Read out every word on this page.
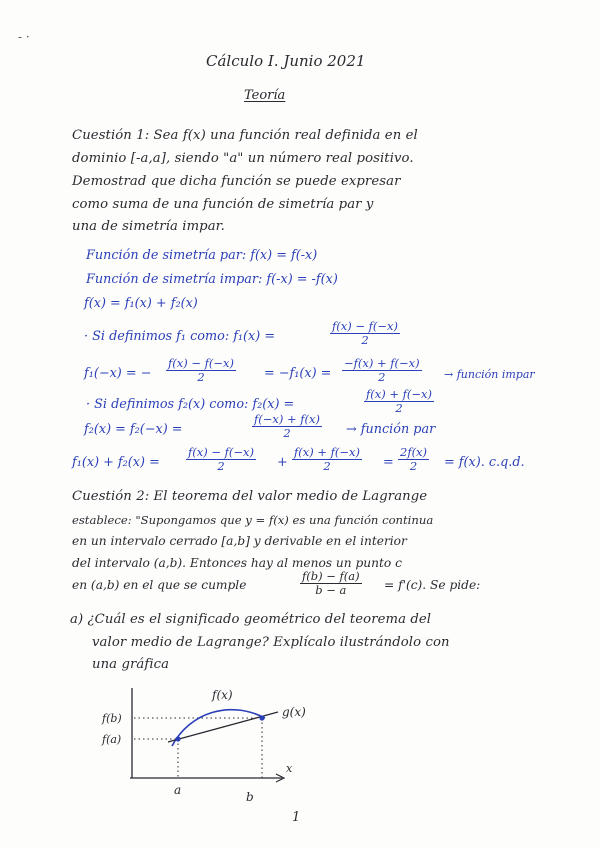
- ·
Cálculo I. Junio 2021
Teoría
Cuestión 1: Sea f(x) una función real definida en el
dominio [-a,a], siendo "a" un número real positivo.
Demostrad que dicha función se puede expresar
como suma de una función de simetría par y
una de simetría impar.
Función de simetría par: f(x) = f(-x)
Función de simetría impar: f(-x) = -f(x)
f(x) = f₁(x) + f₂(x)
· Si definimos f₁ como: f₁(x) =	$\frac{f(x) - f(-x)}{2}$
f₁(−x) = − $\frac{f(x) - f(-x)}{2} = -f_1(x) = \frac{-f(x) + f(-x)}{2}$ → función impar
· Si definimos f₂(x) como: f₂(x) =	$\frac{f(x) + f(-x)}{2}$
f₂(x) = f₂(−x) =	$\frac{f(-x) + f(x)}{2}$ → función par
$f_1(x) + f_2(x) = \frac{f(x) - f(-x)}{2} + \frac{f(x) + f(-x)}{2} = \frac{2f(x)}{2} = f(x)$. c.q.d.
Cuestión 2: El teorema del valor medio de Lagrange
establece: "Supongamos que y = f(x) es una función continua
en un intervalo cerrado [a,b] y derivable en el interior
del intervalo (a,b). Entonces hay al menos un punto c
en (a,b) en el que se cumple	$\frac{f(b) - f(a)}{b - a} = f'(c)$. Se pide:
a) ¿Cuál es el significado geométrico del teorema del
valor medio de Lagrange? Explícalo ilustrándolo con
una gráfica
f(b)
f(a)
f(x)
g(x)
x
a	b
1
